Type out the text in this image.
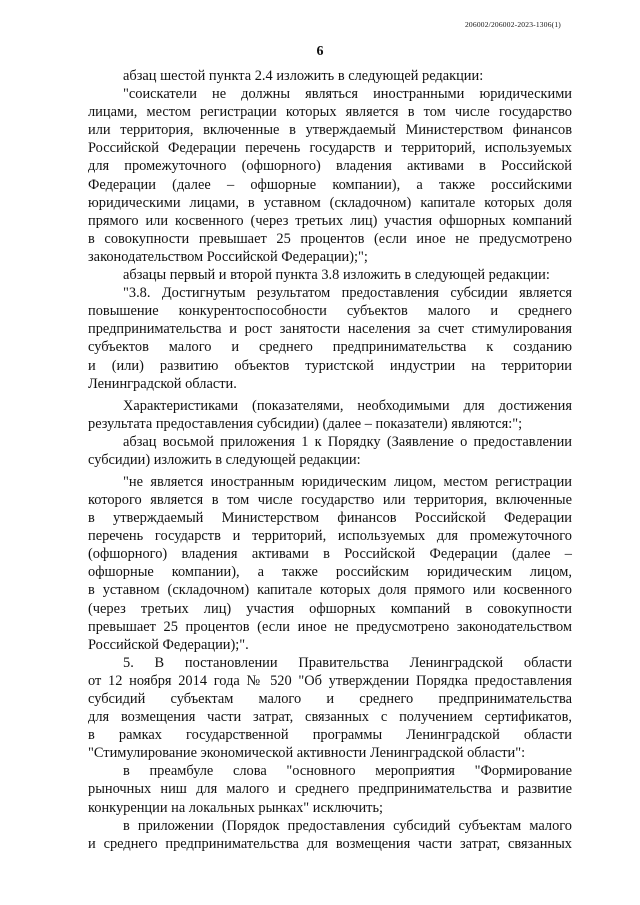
206002/206002-2023-1306(1)
6
абзац шестой пункта 2.4 изложить в следующей редакции:
"соискатели не должны являться иностранными юридическими
лицами, местом регистрации которых является в том числе государство
или территория, включенные в утверждаемый Министерством финансов
Российской Федерации перечень государств и территорий, используемых
для промежуточного (офшорного) владения активами в Российской
Федерации (далее – офшорные компании), а также российскими
юридическими лицами, в уставном (складочном) капитале которых доля
прямого или косвенного (через третьих лиц) участия офшорных компаний
в совокупности превышает 25 процентов (если иное не предусмотрено
законодательством Российской Федерации);";
абзацы первый и второй пункта 3.8 изложить в следующей редакции:
"3.8. Достигнутым результатом предоставления субсидии является
повышение конкурентоспособности субъектов малого и среднего
предпринимательства и рост занятости населения за счет стимулирования
субъектов малого и среднего предпринимательства к созданию
и (или) развитию объектов туристской индустрии на территории
Ленинградской области.
Характеристиками (показателями, необходимыми для достижения
результата предоставления субсидии) (далее – показатели) являются:";
абзац восьмой приложения 1 к Порядку (Заявление о предоставлении
субсидии) изложить в следующей редакции:
"не является иностранным юридическим лицом, местом регистрации
которого является в том числе государство или территория, включенные
в утверждаемый Министерством финансов Российской Федерации
перечень государств и территорий, используемых для промежуточного
(офшорного) владения активами в Российской Федерации (далее –
офшорные компании), а также российским юридическим лицом,
в уставном (складочном) капитале которых доля прямого или косвенного
(через третьих лиц) участия офшорных компаний в совокупности
превышает 25 процентов (если иное не предусмотрено законодательством
Российской Федерации);".
5. В постановлении Правительства Ленинградской области
от 12 ноября 2014 года № 520 "Об утверждении Порядка предоставления
субсидий субъектам малого и среднего предпринимательства
для возмещения части затрат, связанных с получением сертификатов,
в рамках государственной программы Ленинградской области
"Стимулирование экономической активности Ленинградской области":
в преамбуле слова "основного мероприятия "Формирование
рыночных ниш для малого и среднего предпринимательства и развитие
конкуренции на локальных рынках" исключить;
в приложении (Порядок предоставления субсидий субъектам малого
и среднего предпринимательства для возмещения части затрат, связанных
